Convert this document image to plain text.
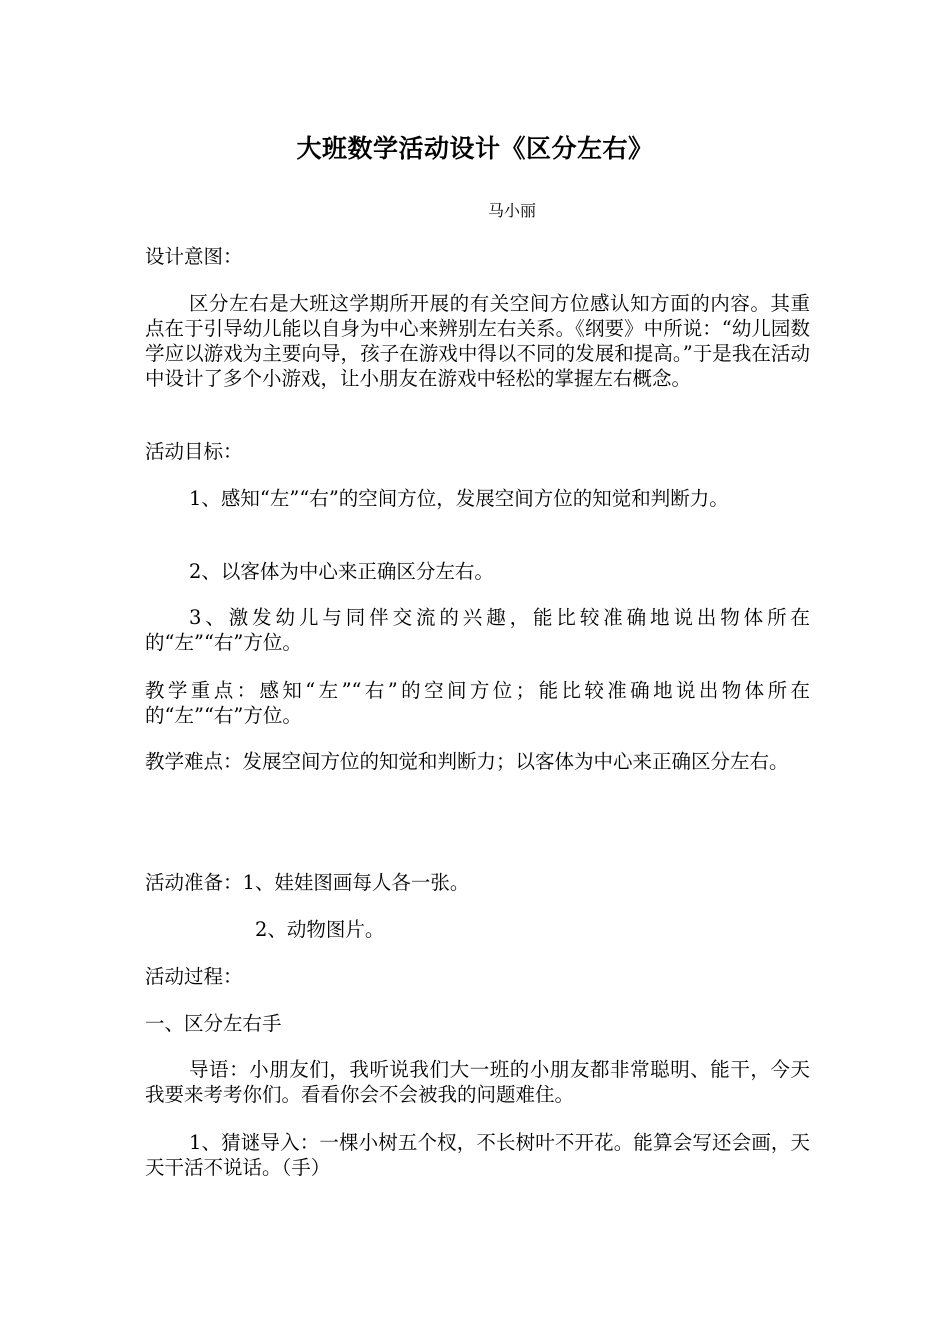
大班数学活动设计《区分左右》
马小丽

设计意图：

区分左右是大班这学期所开展的有关空间方位感认知方面的内容。其重点在于引导幼儿能以自身为中心来辨别左右关系。《纲要》中所说：“幼儿园数学应以游戏为主要向导，孩子在游戏中得以不同的发展和提高。”于是我在活动中设计了多个小游戏，让小朋友在游戏中轻松的掌握左右概念。

活动目标：

1、感知“左”“右”的空间方位，发展空间方位的知觉和判断力。

2、以客体为中心来正确区分左右。

3、激发幼儿与同伴交流的兴趣，能比较准确地说出物体所在的“左”“右”方位。

教学重点：感知“左”“右”的空间方位；能比较准确地说出物体所在的“左”“右”方位。

教学难点：发展空间方位的知觉和判断力；以客体为中心来正确区分左右。

活动准备：1、娃娃图画每人各一张。

2、动物图片。

活动过程：

一、区分左右手

导语：小朋友们，我听说我们大一班的小朋友都非常聪明、能干，今天我要来考考你们。看看你会不会被我的问题难住。

1、猜谜导入：一棵小树五个杈，不长树叶不开花。能算会写还会画，天天干活不说话。（手）
